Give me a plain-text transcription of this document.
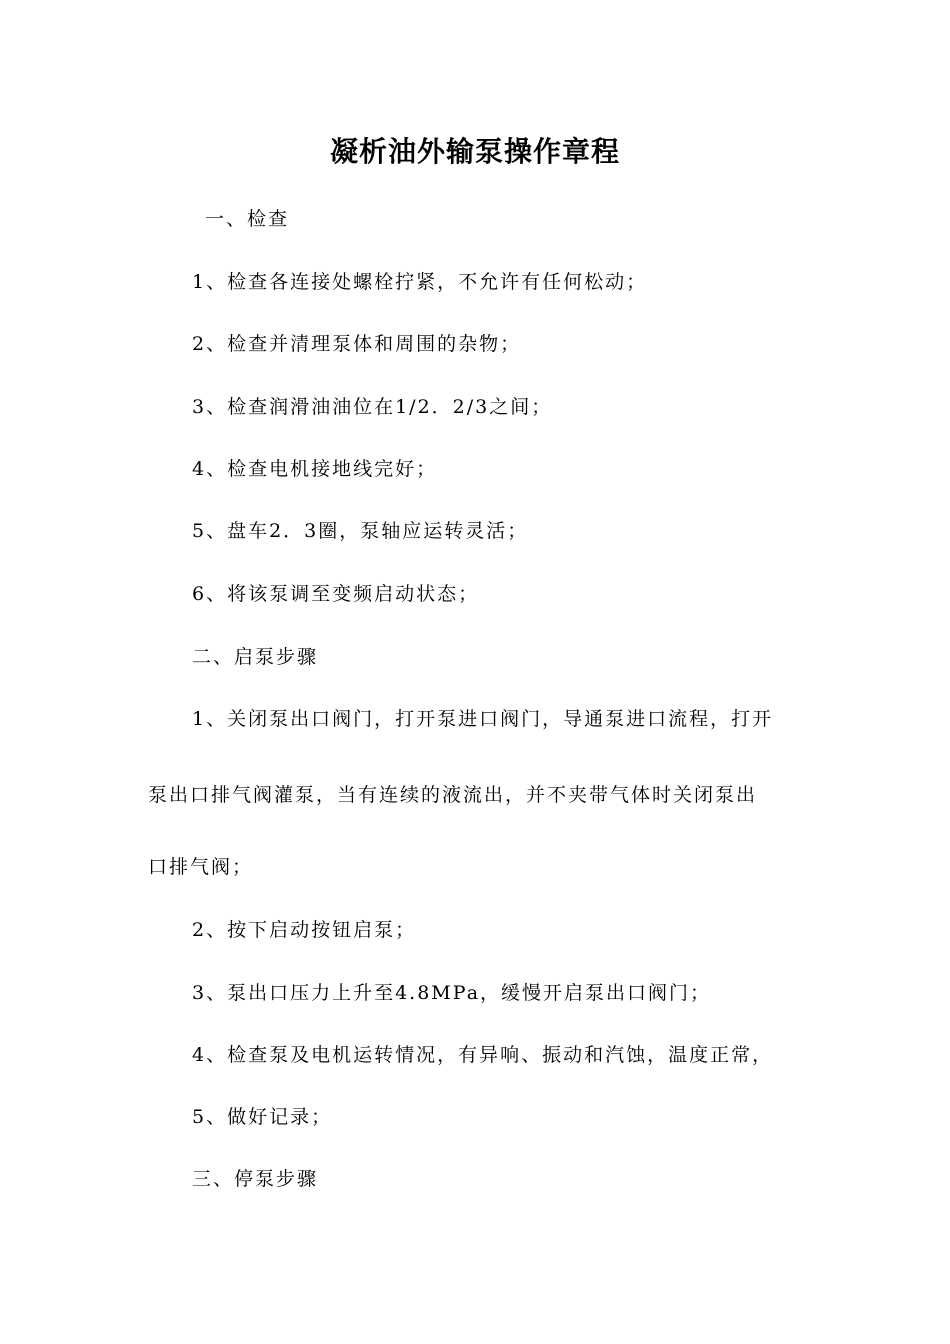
凝析油外输泵操作章程
一、检查
1、检查各连接处螺栓拧紧，不允许有任何松动；
2、检查并清理泵体和周围的杂物；
3、检查润滑油油位在1/2．2/3之间；
4、检查电机接地线完好；
5、盘车2．3圈，泵轴应运转灵活；
6、将该泵调至变频启动状态；
二、启泵步骤
1、关闭泵出口阀门，打开泵进口阀门，导通泵进口流程，打开
泵出口排气阀灌泵，当有连续的液流出，并不夹带气体时关闭泵出
口排气阀；
2、按下启动按钮启泵；
3、泵出口压力上升至4.8MPa，缓慢开启泵出口阀门；
4、检查泵及电机运转情况，有异响、振动和汽蚀，温度正常，
5、做好记录；
三、停泵步骤
